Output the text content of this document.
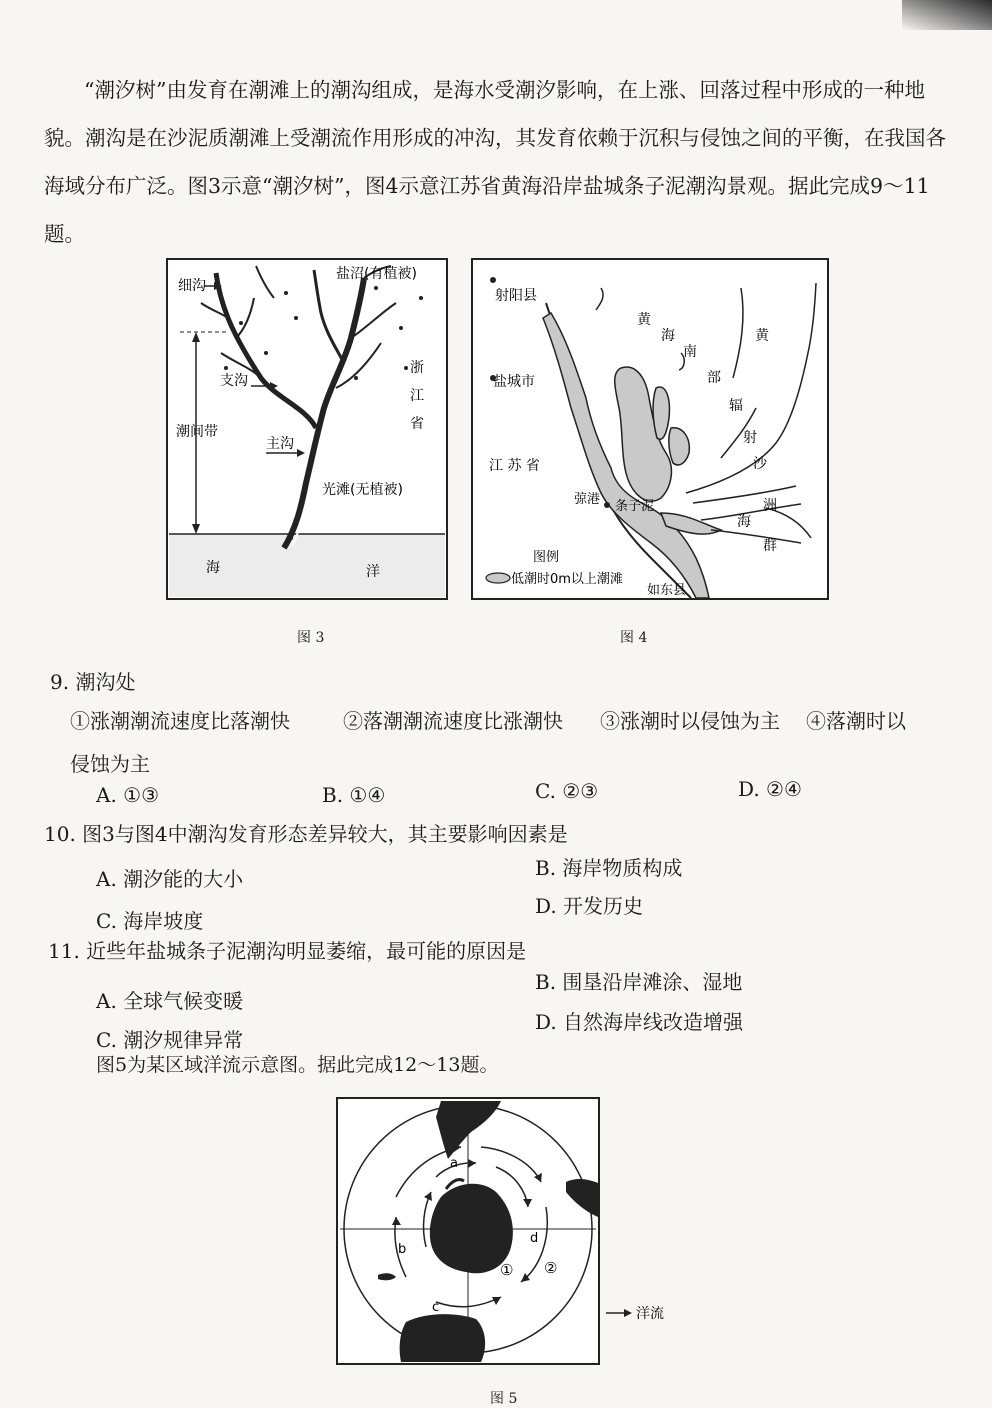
“潮汐树”由发育在潮滩上的潮沟组成，是海水受潮汐影响，在上涨、回落过程中形成的一种地貌。潮沟是在沙泥质潮滩上受潮流作用形成的冲沟，其发育依赖于沉积与侵蚀之间的平衡，在我国各海域分布广泛。图3示意“潮汐树”，图4示意江苏省黄海沿岸盐城条子泥潮沟景观。据此完成9～11题。

细沟
盐沼(有植被)
支沟
浙
江
省
潮间带
主沟
光滩(无植被)
海	洋
图 3
射阳县
盐城市
江 苏 省
弶港 条子泥
如东县
黄
海
南
部
辐
黄
射
沙
洲
海
群
图例
低潮时0m以上潮滩
图 4
9. 潮沟处
①涨潮潮流速度比落潮快	②落潮潮流速度比涨潮快 ③涨潮时以侵蚀为主 ④落潮时以
侵蚀为主
A. ①③	B. ①④	C. ②③	D. ②④
10. 图3与图4中潮沟发育形态差异较大，其主要影响因素是
A. 潮汐能的大小	B. 海岸物质构成
C. 海岸坡度
D. 开发历史
11. 近些年盐城条子泥潮沟明显萎缩，最可能的原因是
A. 全球气候变暖
B. 围垦沿岸滩涂、湿地
C. 潮汐规律异常
D. 自然海岸线改造增强
图5为某区域洋流示意图。据此完成12～13题。
a
b
c
d
① ②
洋流
图 5
